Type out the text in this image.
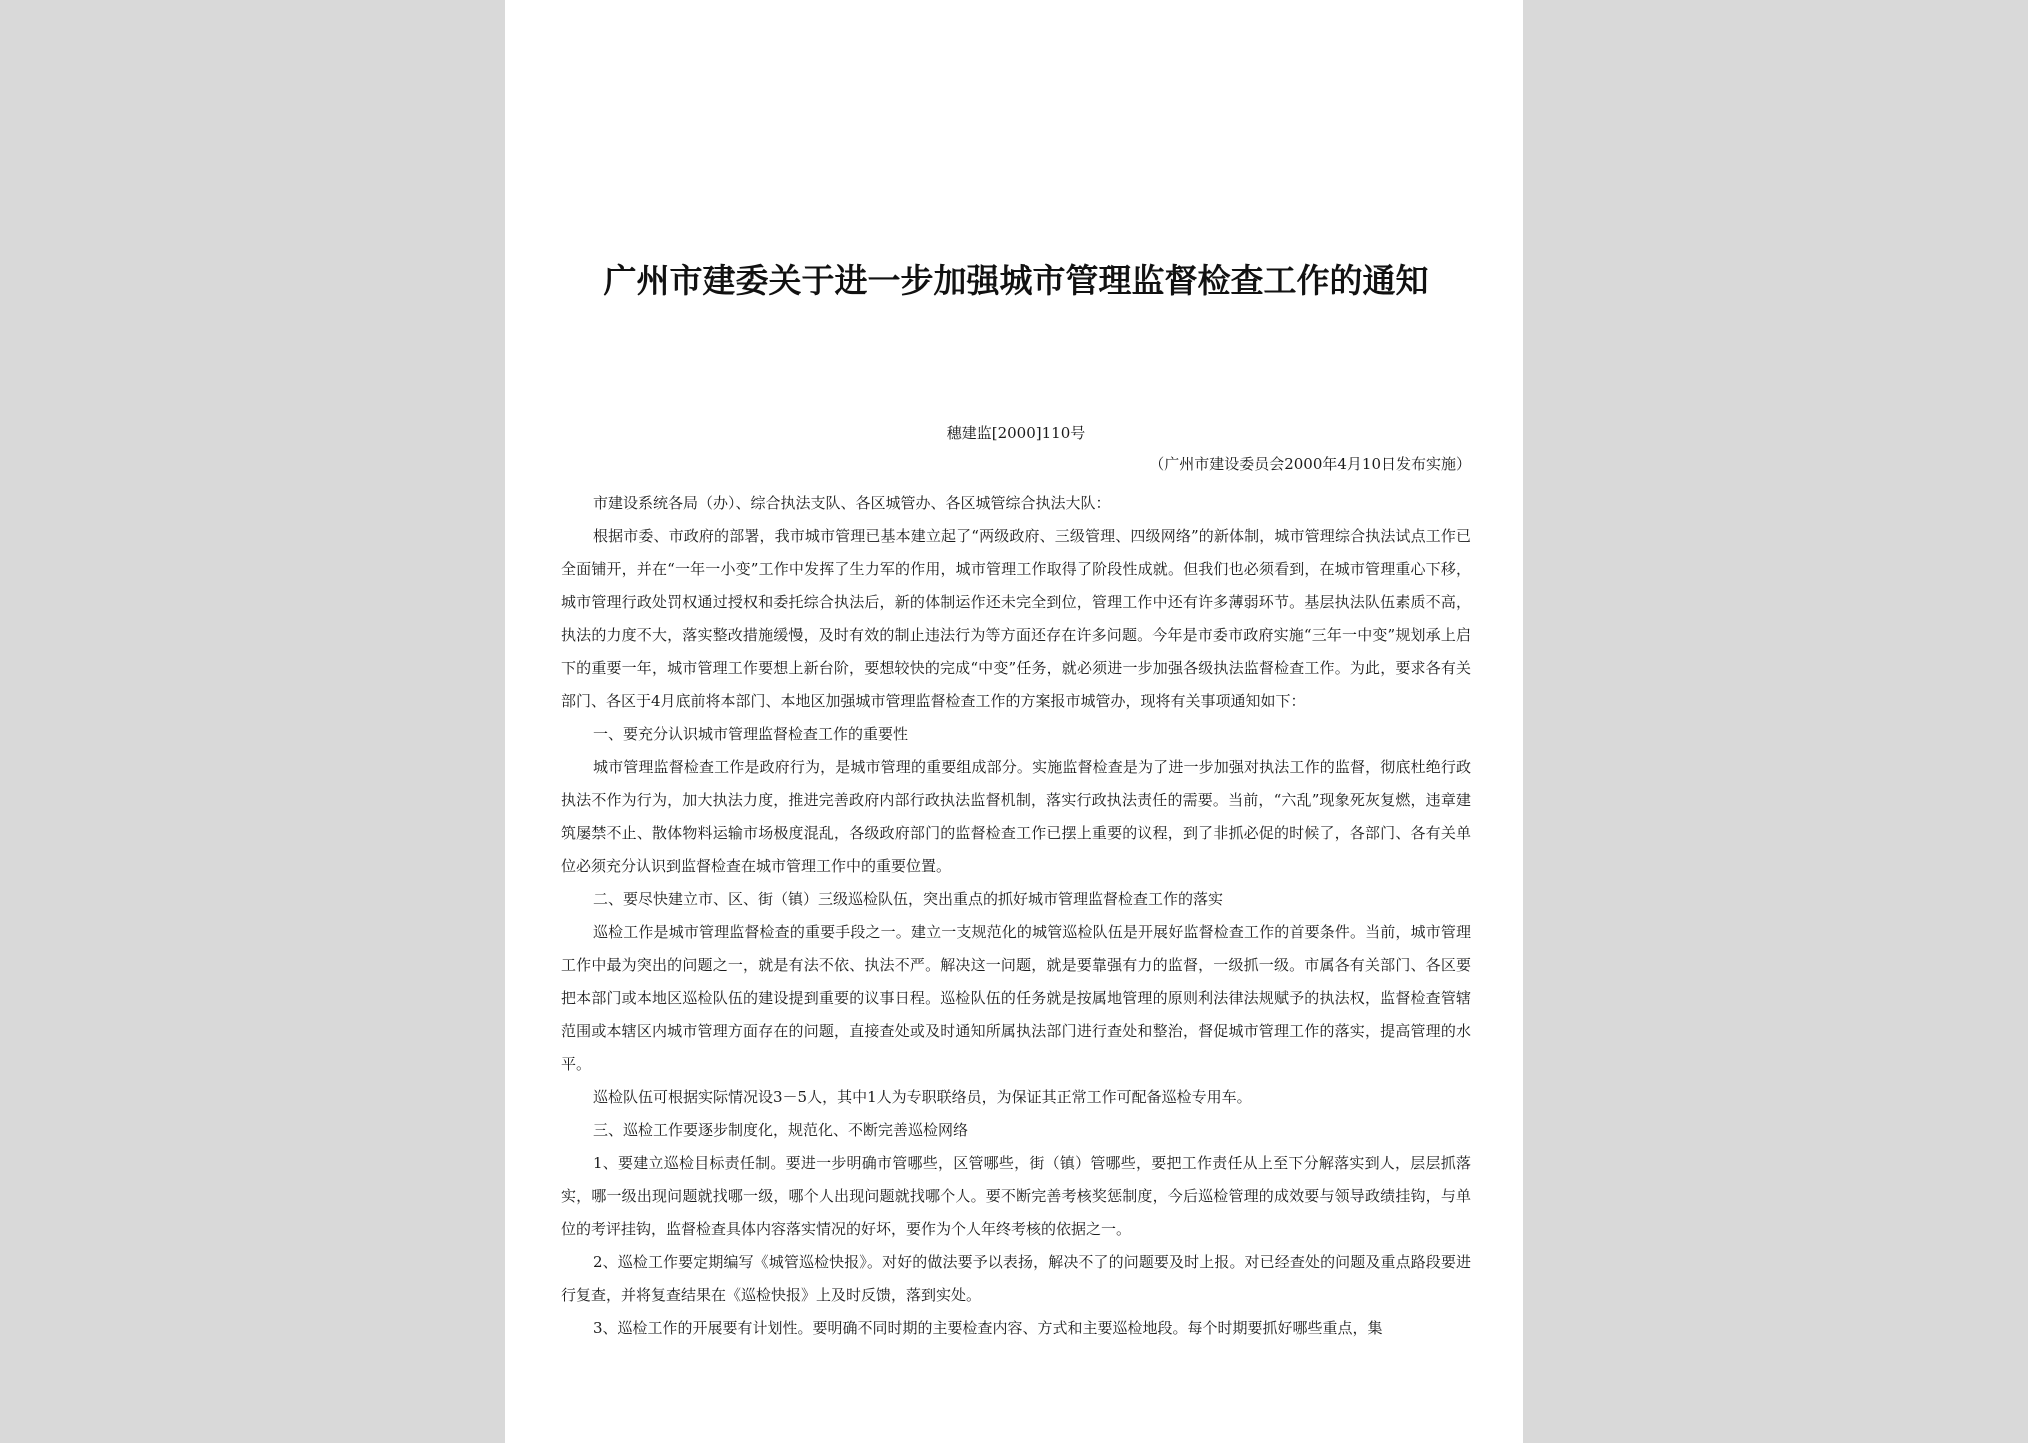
广州市建委关于进一步加强城市管理监督检查工作的通知
穗建监[2000]110号
（广州市建设委员会2000年4月10日发布实施）

市建设系统各局（办）、综合执法支队、各区城管办、各区城管综合执法大队：

根据市委、市政府的部署，我市城市管理已基本建立起了“两级政府、三级管理、四级网络”的新体制，城市管理综合执法试点工作已全面铺开，并在“一年一小变”工作中发挥了生力军的作用，城市管理工作取得了阶段性成就。但我们也必须看到，在城市管理重心下移，城市管理行政处罚权通过授权和委托综合执法后，新的体制运作还未完全到位，管理工作中还有许多薄弱环节。基层执法队伍素质不高，执法的力度不大，落实整改措施缓慢，及时有效的制止违法行为等方面还存在许多问题。今年是市委市政府实施“三年一中变”规划承上启下的重要一年，城市管理工作要想上新台阶，要想较快的完成“中变”任务，就必须进一步加强各级执法监督检查工作。为此，要求各有关部门、各区于4月底前将本部门、本地区加强城市管理监督检查工作的方案报市城管办，现将有关事项通知如下：

一、要充分认识城市管理监督检查工作的重要性

城市管理监督检查工作是政府行为，是城市管理的重要组成部分。实施监督检查是为了进一步加强对执法工作的监督，彻底杜绝行政执法不作为行为，加大执法力度，推进完善政府内部行政执法监督机制，落实行政执法责任的需要。当前，“六乱”现象死灰复燃，违章建筑屡禁不止、散体物料运输市场极度混乱，各级政府部门的监督检查工作已摆上重要的议程，到了非抓必促的时候了，各部门、各有关单位必须充分认识到监督检查在城市管理工作中的重要位置。

二、要尽快建立市、区、街（镇）三级巡检队伍，突出重点的抓好城市管理监督检查工作的落实

巡检工作是城市管理监督检查的重要手段之一。建立一支规范化的城管巡检队伍是开展好监督检查工作的首要条件。当前，城市管理工作中最为突出的问题之一，就是有法不依、执法不严。解决这一问题，就是要靠强有力的监督，一级抓一级。市属各有关部门、各区要把本部门或本地区巡检队伍的建设提到重要的议事日程。巡检队伍的任务就是按属地管理的原则利法律法规赋予的执法权，监督检查管辖范围或本辖区内城市管理方面存在的问题，直接查处或及时通知所属执法部门进行查处和整治，督促城市管理工作的落实，提高管理的水平。

巡检队伍可根据实际情况设3－5人，其中1人为专职联络员，为保证其正常工作可配备巡检专用车。

三、巡检工作要逐步制度化，规范化、不断完善巡检网络

1、要建立巡检目标责任制。要进一步明确市管哪些，区管哪些，街（镇）管哪些，要把工作责任从上至下分解落实到人，层层抓落实，哪一级出现问题就找哪一级，哪个人出现问题就找哪个人。要不断完善考核奖惩制度，今后巡检管理的成效要与领导政绩挂钩，与单位的考评挂钩，监督检查具体内容落实情况的好坏，要作为个人年终考核的依据之一。

2、巡检工作要定期编写《城管巡检快报》。对好的做法要予以表扬，解决不了的问题要及时上报。对已经查处的问题及重点路段要进行复查，并将复查结果在《巡检快报》上及时反馈，落到实处。

3、巡检工作的开展要有计划性。要明确不同时期的主要检查内容、方式和主要巡检地段。每个时期要抓好哪些重点，集
